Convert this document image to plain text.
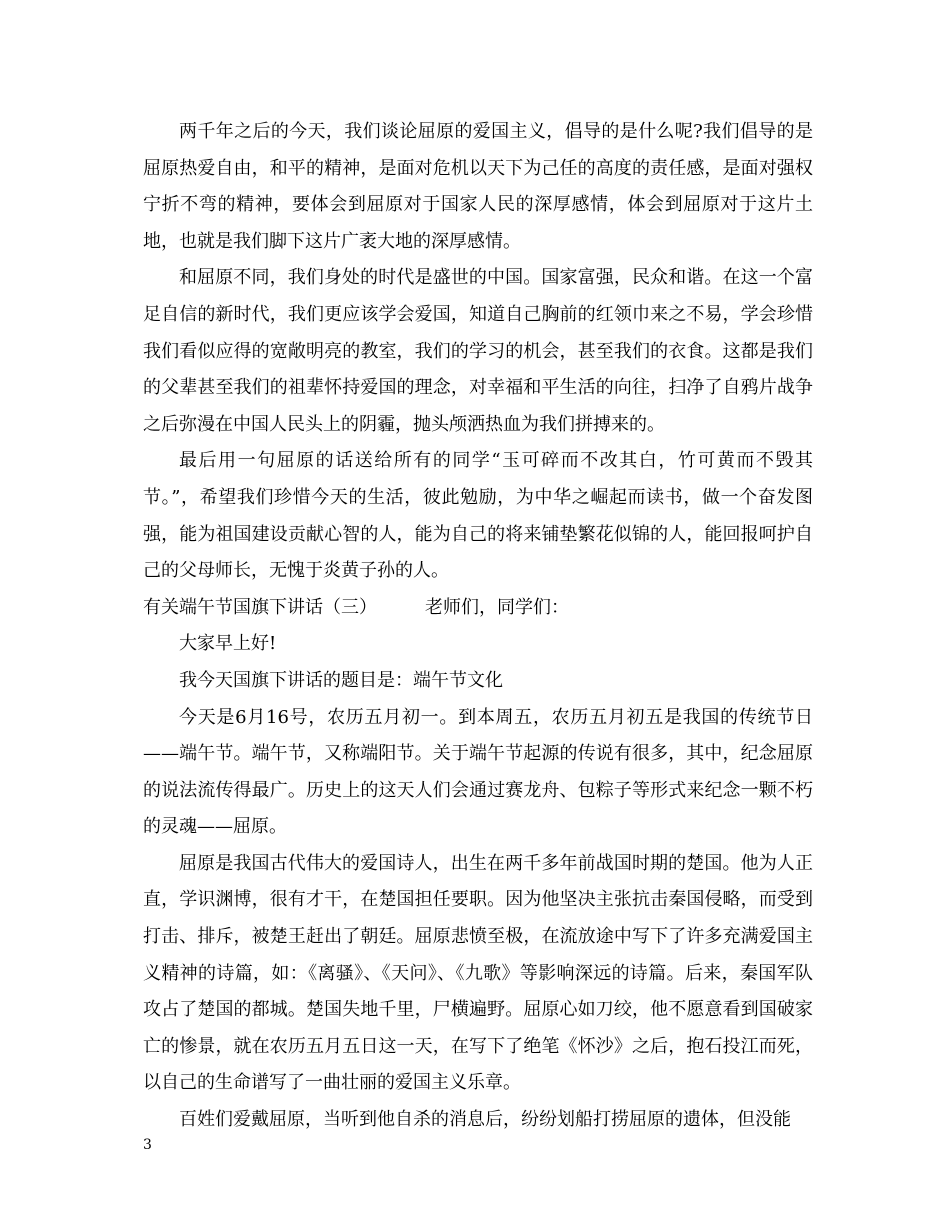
两千年之后的今天，我们谈论屈原的爱国主义，倡导的是什么呢?我们倡导的是屈原热爱自由，和平的精神，是面对危机以天下为己任的高度的责任感，是面对强权宁折不弯的精神，要体会到屈原对于国家人民的深厚感情，体会到屈原对于这片土地，也就是我们脚下这片广袤大地的深厚感情。

和屈原不同，我们身处的时代是盛世的中国。国家富强，民众和谐。在这一个富足自信的新时代，我们更应该学会爱国，知道自己胸前的红领巾来之不易，学会珍惜我们看似应得的宽敞明亮的教室，我们的学习的机会，甚至我们的衣食。这都是我们的父辈甚至我们的祖辈怀持爱国的理念，对幸福和平生活的向往，扫净了自鸦片战争之后弥漫在中国人民头上的阴霾，抛头颅洒热血为我们拼搏来的。

最后用一句屈原的话送给所有的同学“玉可碎而不改其白，竹可黄而不毁其节。”，希望我们珍惜今天的生活，彼此勉励，为中华之崛起而读书，做一个奋发图强，能为祖国建设贡献心智的人，能为自己的将来铺垫繁花似锦的人，能回报呵护自己的父母师长，无愧于炎黄子孙的人。

有关端午节国旗下讲话（三）	老师们，同学们：

大家早上好!

我今天国旗下讲话的题目是：端午节文化

今天是6月16号，农历五月初一。到本周五，农历五月初五是我国的传统节日——端午节。端午节，又称端阳节。关于端午节起源的传说有很多，其中，纪念屈原的说法流传得最广。历史上的这天人们会通过赛龙舟、包粽子等形式来纪念一颗不朽的灵魂——屈原。

屈原是我国古代伟大的爱国诗人，出生在两千多年前战国时期的楚国。他为人正直，学识渊博，很有才干，在楚国担任要职。因为他坚决主张抗击秦国侵略，而受到打击、排斥，被楚王赶出了朝廷。屈原悲愤至极，在流放途中写下了许多充满爱国主义精神的诗篇，如：《离骚》、《天问》、《九歌》等影响深远的诗篇。后来，秦国军队攻占了楚国的都城。楚国失地千里，尸横遍野。屈原心如刀绞，他不愿意看到国破家亡的惨景，就在农历五月五日这一天，在写下了绝笔《怀沙》之后，抱石投江而死，以自己的生命谱写了一曲壮丽的爱国主义乐章。

百姓们爱戴屈原，当听到他自杀的消息后，纷纷划船打捞屈原的遗体，但没能

3
